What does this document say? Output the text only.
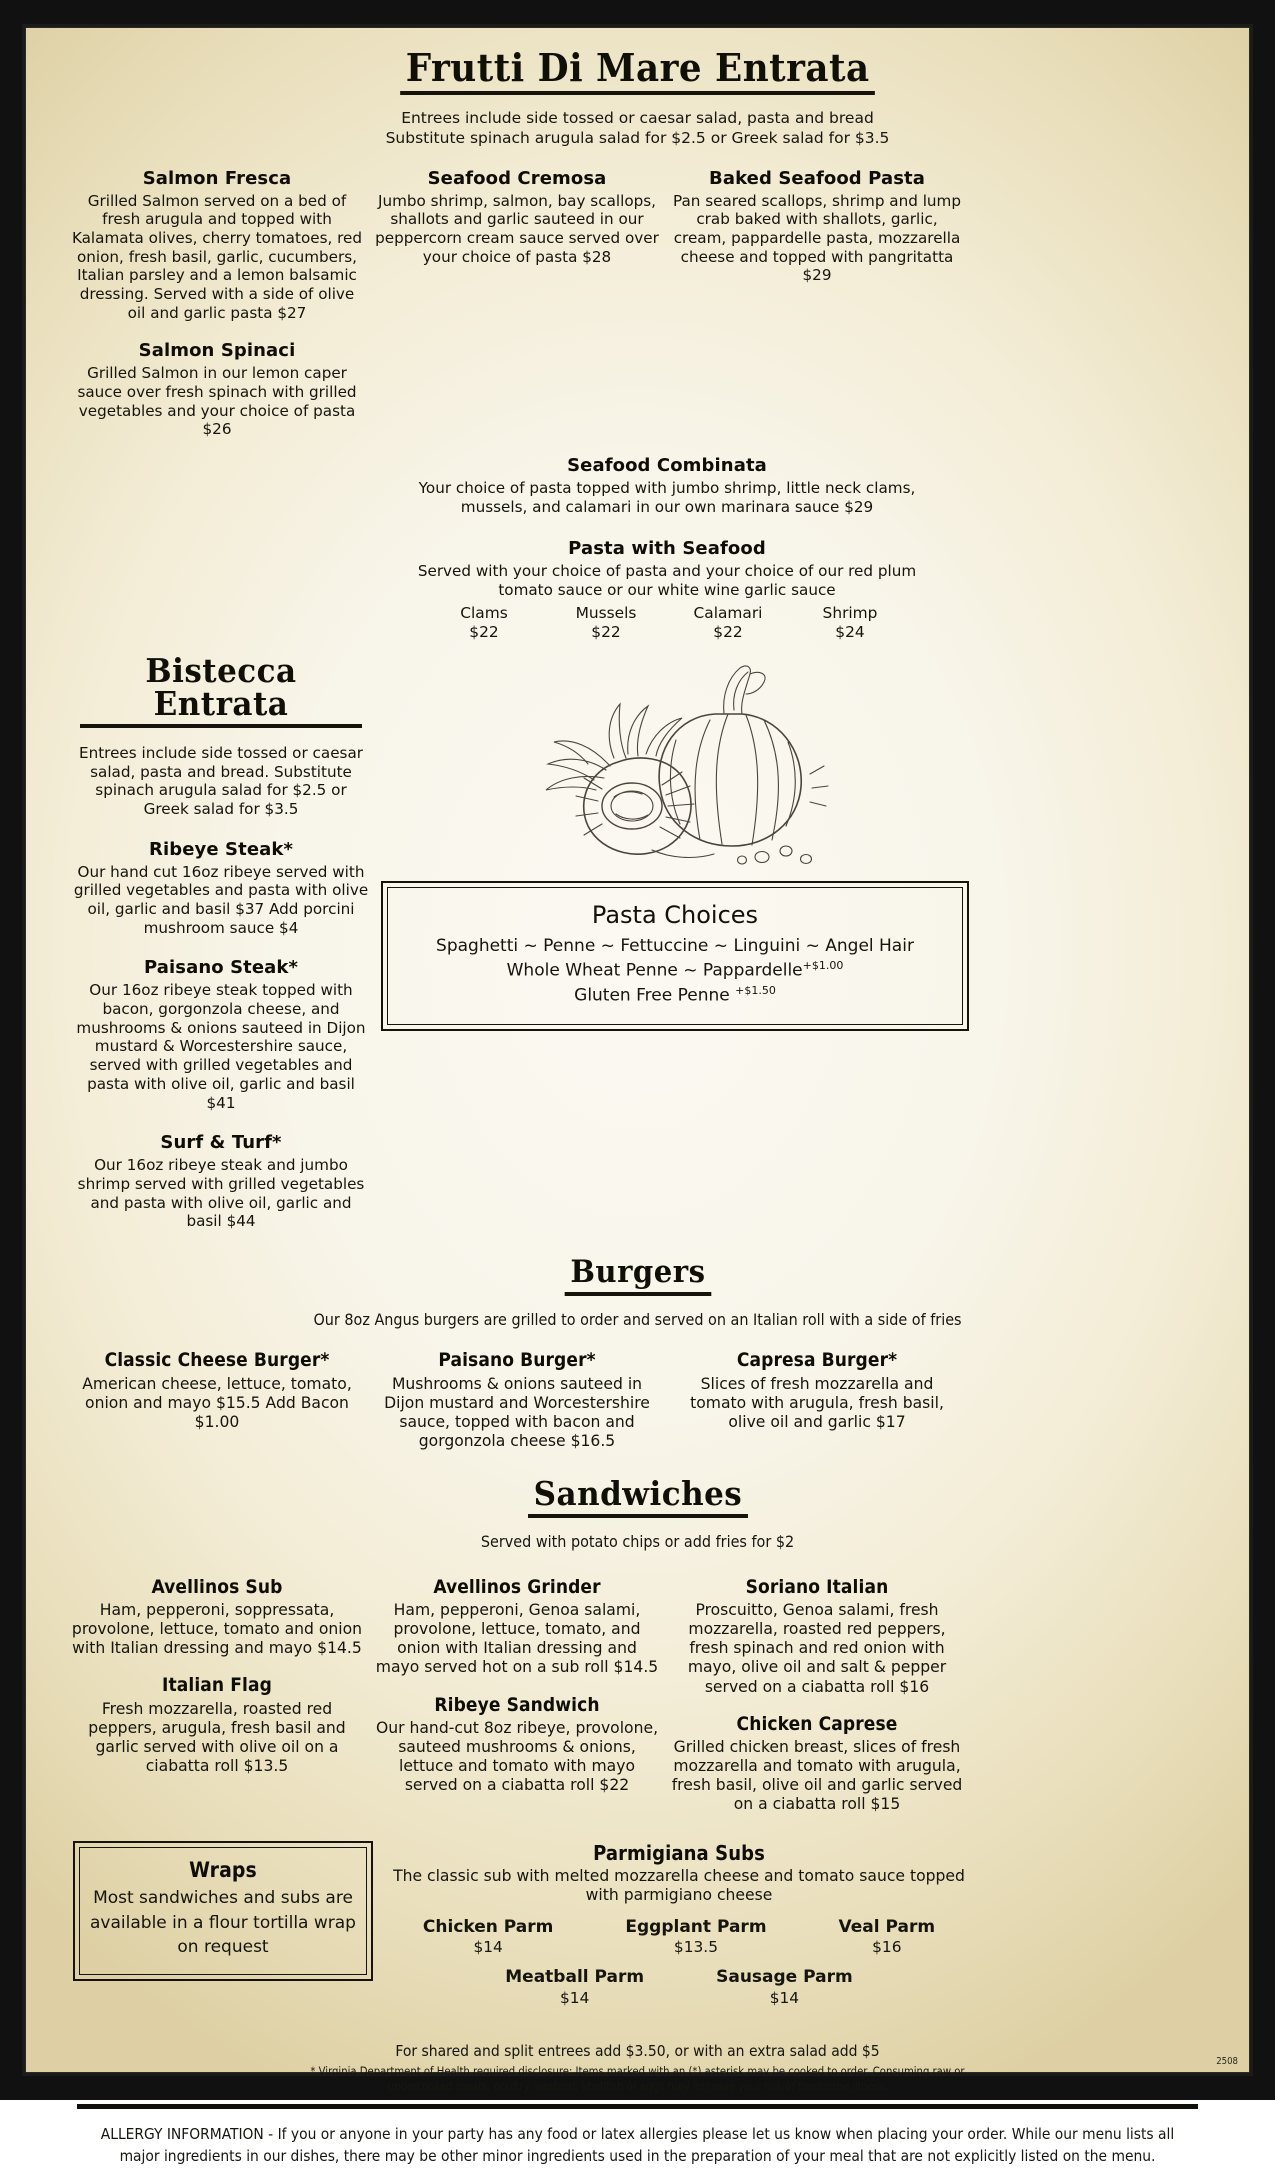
Frutti Di Mare Entrata
Entrees include side tossed or caesar salad, pasta and bread
Substitute spinach arugula salad for $2.5 or Greek salad for $3.5
Salmon Fresca
Grilled Salmon served on a bed of fresh arugula and topped with Kalamata olives, cherry tomatoes, red onion, fresh basil, garlic, cucumbers, Italian parsley and a lemon balsamic dressing. Served with a side of olive oil and garlic pasta $27
Salmon Spinaci
Grilled Salmon in our lemon caper sauce over fresh spinach with grilled vegetables and your choice of pasta $26
Seafood Cremosa
Jumbo shrimp, salmon, bay scallops, shallots and garlic sauteed in our peppercorn cream sauce served over your choice of pasta $28
Baked Seafood Pasta
Pan seared scallops, shrimp and lump crab baked with shallots, garlic, cream, pappardelle pasta, mozzarella cheese and topped with pangritatta $29
Seafood Combinata
Your choice of pasta topped with jumbo shrimp, little neck clams, mussels, and calamari in our own marinara sauce $29
Pasta with Seafood
Served with your choice of pasta and your choice of our red plum tomato sauce or our white wine garlic sauce
Clams
$22
Mussels
$22
Calamari
$22
Shrimp
$24
Bistecca Entrata
Entrees include side tossed or caesar salad, pasta and bread. Substitute spinach arugula salad for $2.5 or Greek salad for $3.5
Ribeye Steak*
Our hand cut 16oz ribeye served with grilled vegetables and pasta with olive oil, garlic and basil $37 Add porcini mushroom sauce $4
Paisano Steak*
Our 16oz ribeye steak topped with bacon, gorgonzola cheese, and mushrooms & onions sauteed in Dijon mustard & Worcestershire sauce, served with grilled vegetables and pasta with olive oil, garlic and basil $41
Surf & Turf*
Our 16oz ribeye steak and jumbo shrimp served with grilled vegetables and pasta with olive oil, garlic and basil $44
Pasta Choices
Spaghetti ~ Penne ~ Fettuccine ~ Linguini ~ Angel Hair
Whole Wheat Penne ~ Pappardelle$^{+\$1.00}$
Gluten Free Penne $^{+\$1.50}$
Burgers
Our 8oz Angus burgers are grilled to order and served on an Italian roll with a side of fries
Classic Cheese Burger*
American cheese, lettuce, tomato, onion and mayo $15.5 Add Bacon $1.00
Paisano Burger*
Mushrooms & onions sauteed in Dijon mustard and Worcestershire sauce, topped with bacon and gorgonzola cheese $16.5
Capresa Burger*
Slices of fresh mozzarella and tomato with arugula, fresh basil, olive oil and garlic $17
Sandwiches
Served with potato chips or add fries for $2
Avellinos Sub
Ham, pepperoni, soppressata, provolone, lettuce, tomato and onion with Italian dressing and mayo $14.5
Italian Flag
Fresh mozzarella, roasted red peppers, arugula, fresh basil and garlic served with olive oil on a ciabatta roll $13.5
Avellinos Grinder
Ham, pepperoni, Genoa salami, provolone, lettuce, tomato, and onion with Italian dressing and mayo served hot on a sub roll $14.5
Ribeye Sandwich
Our hand-cut 8oz ribeye, provolone, sauteed mushrooms & onions, lettuce and tomato with mayo served on a ciabatta roll $22
Soriano Italian
Proscuitto, Genoa salami, fresh mozzarella, roasted red peppers, fresh spinach and red onion with mayo, olive oil and salt & pepper served on a ciabatta roll $16
Chicken Caprese
Grilled chicken breast, slices of fresh mozzarella and tomato with arugula, fresh basil, olive oil and garlic served on a ciabatta roll $15
Wraps
Most sandwiches and subs are available in a flour tortilla wrap on request
Parmigiana Subs
The classic sub with melted mozzarella cheese and tomato sauce topped with parmigiano cheese
Chicken Parm
$14
Eggplant Parm
$13.5
Veal Parm
$16
Meatball Parm
$14
Sausage Parm
$14
For shared and split entrees add $3.50, or with an extra salad add $5
* Virginia Department of Health required disclosure: Items marked with an (*) asterisk may be cooked to order. Consuming raw or
undercooked meats, poultry, seafood, shellfish or eggs may increase your risk of foodborne illness.
ALLERGY INFORMATION - If you or anyone in your party has any food or latex allergies please let us know when placing your order. While our menu lists all major ingredients in our dishes, there may be other minor ingredients used in the preparation of your meal that are not explicitly listed on the menu.
2508
